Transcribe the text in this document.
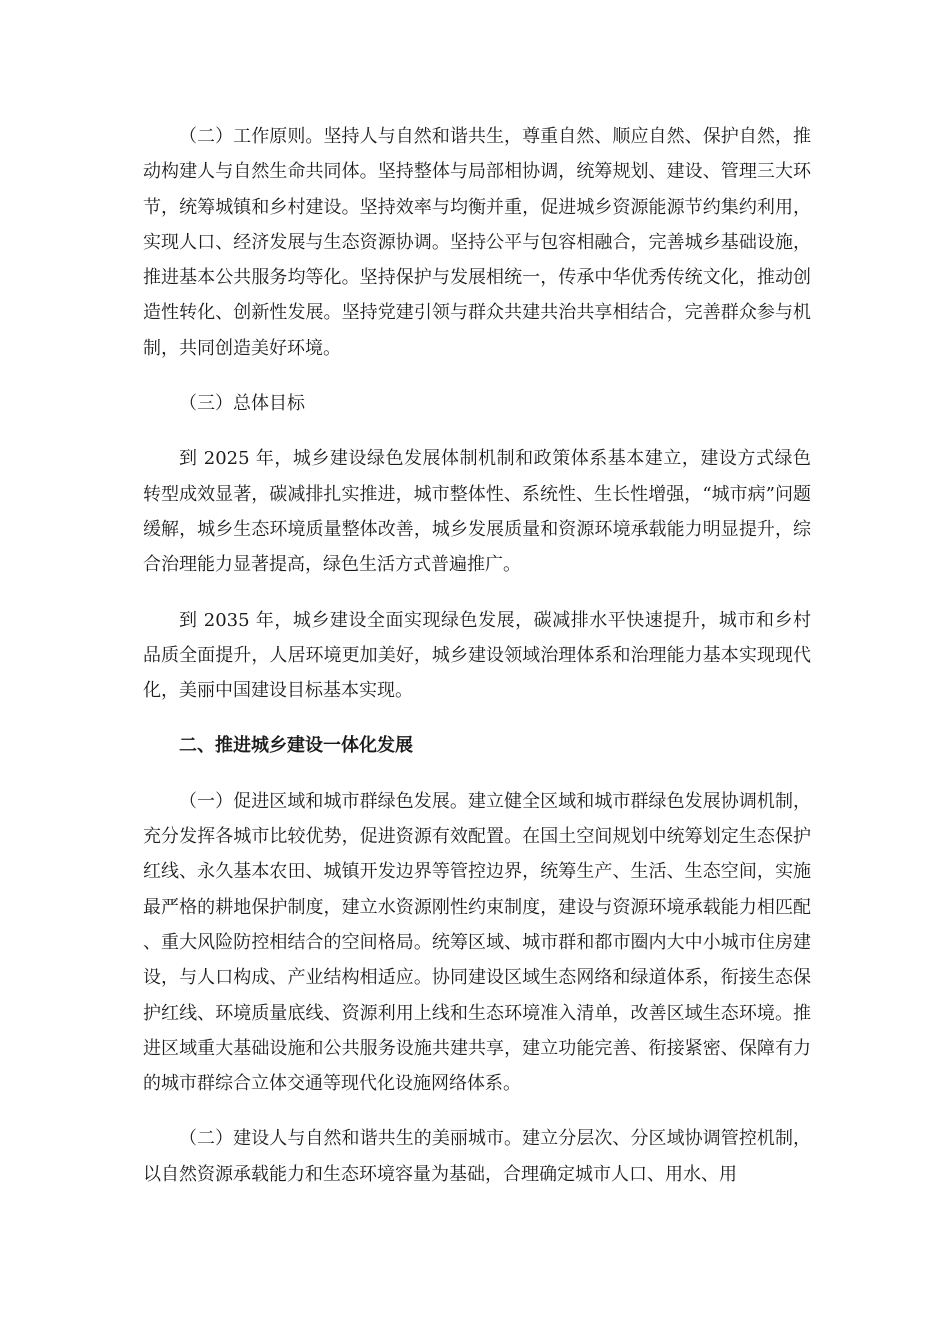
（二）工作原则。坚持人与自然和谐共生，尊重自然、顺应自然、保护自然，推动构建人与自然生命共同体。坚持整体与局部相协调，统筹规划、建设、管理三大环节，统筹城镇和乡村建设。坚持效率与均衡并重，促进城乡资源能源节约集约利用，实现人口、经济发展与生态资源协调。坚持公平与包容相融合，完善城乡基础设施，推进基本公共服务均等化。坚持保护与发展相统一，传承中华优秀传统文化，推动创造性转化、创新性发展。坚持党建引领与群众共建共治共享相结合，完善群众参与机制，共同创造美好环境。

（三）总体目标

到 2025 年，城乡建设绿色发展体制机制和政策体系基本建立，建设方式绿色转型成效显著，碳减排扎实推进，城市整体性、系统性、生长性增强，“城市病”问题缓解，城乡生态环境质量整体改善，城乡发展质量和资源环境承载能力明显提升，综合治理能力显著提高，绿色生活方式普遍推广。

到 2035 年，城乡建设全面实现绿色发展，碳减排水平快速提升，城市和乡村品质全面提升，人居环境更加美好，城乡建设领域治理体系和治理能力基本实现现代化，美丽中国建设目标基本实现。

二、推进城乡建设一体化发展

（一）促进区域和城市群绿色发展。建立健全区域和城市群绿色发展协调机制，充分发挥各城市比较优势，促进资源有效配置。在国土空间规划中统筹划定生态保护红线、永久基本农田、城镇开发边界等管控边界，统筹生产、生活、生态空间，实施最严格的耕地保护制度，建立水资源刚性约束制度，建设与资源环境承载能力相匹配、重大风险防控相结合的空间格局。统筹区域、城市群和都市圈内大中小城市住房建设，与人口构成、产业结构相适应。协同建设区域生态网络和绿道体系，衔接生态保护红线、环境质量底线、资源利用上线和生态环境准入清单，改善区域生态环境。推进区域重大基础设施和公共服务设施共建共享，建立功能完善、衔接紧密、保障有力的城市群综合立体交通等现代化设施网络体系。

（二）建设人与自然和谐共生的美丽城市。建立分层次、分区域协调管控机制，以自然资源承载能力和生态环境容量为基础，合理确定城市人口、用水、用
